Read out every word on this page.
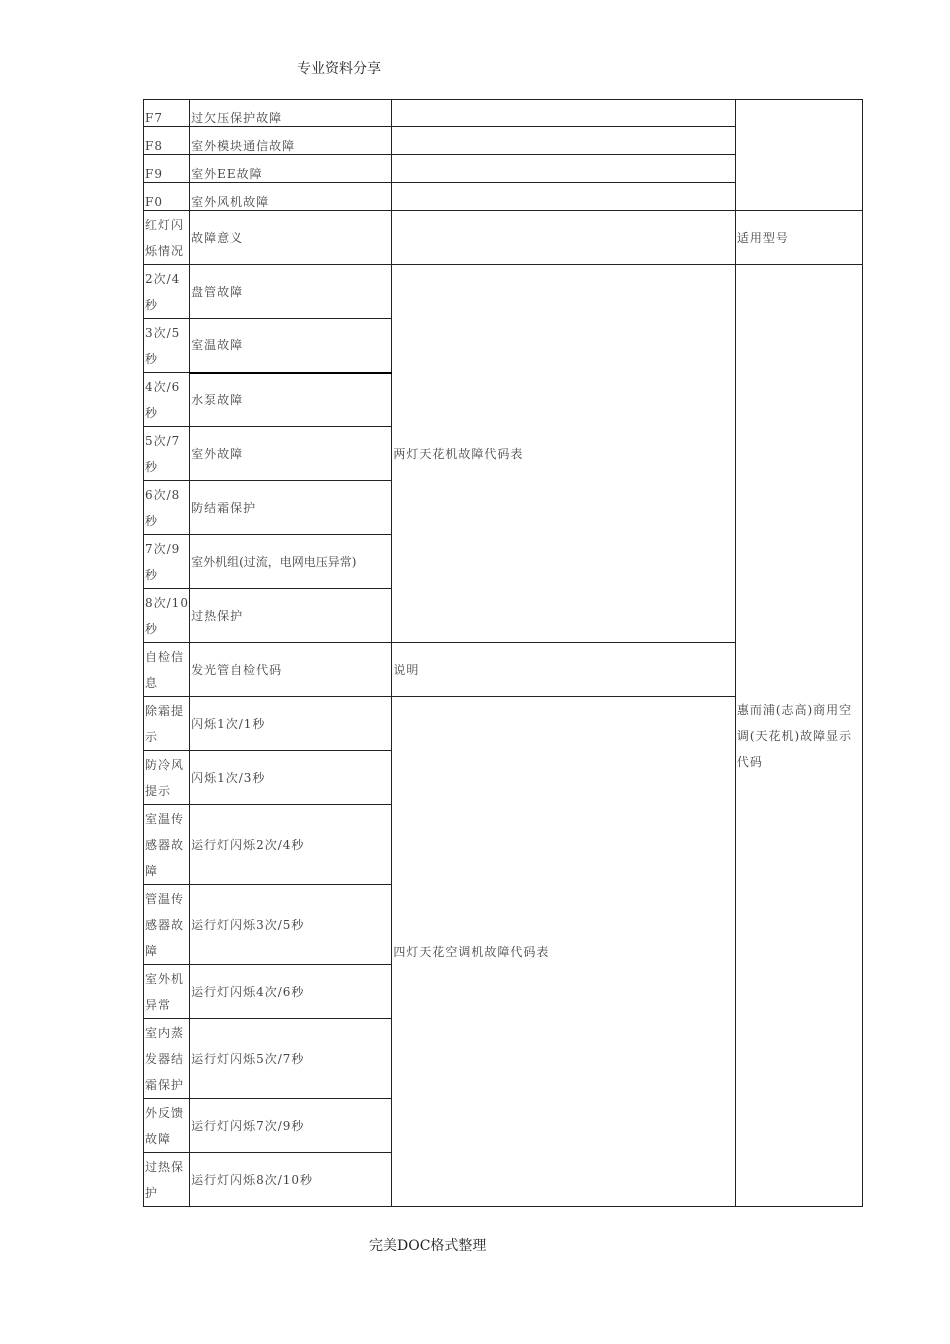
专业资料分享
F7	过欠压保护故障		

F8	室外模块通信故障		

F9	室外EE故障		

F0	室外风机故障		

红灯闪烁情况	故障意义		适用型号

2次/4秒	盘管故障	两灯天花机故障代码表	惠而浦(志高)商用空调(天花机)故障显示代码

3次/5秒	室温故障		

4次/6秒	水泵故障		

5次/7秒	室外故障		

6次/8秒	防结霜保护		

7次/9秒	室外机组(过流，电网电压异常)		

8次/10秒	过热保护		

自检信息	发光管自检代码	说明	

除霜提示	闪烁1次/1秒	四灯天花空调机故障代码表	

防冷风提示	闪烁1次/3秒		

室温传感器故障	运行灯闪烁2次/4秒		

管温传感器故障	运行灯闪烁3次/5秒		

室外机异常	运行灯闪烁4次/6秒		

室内蒸发器结霜保护	运行灯闪烁5次/7秒		

外反馈故障	运行灯闪烁7次/9秒		

过热保护	运行灯闪烁8次/10秒		
完美DOC格式整理
